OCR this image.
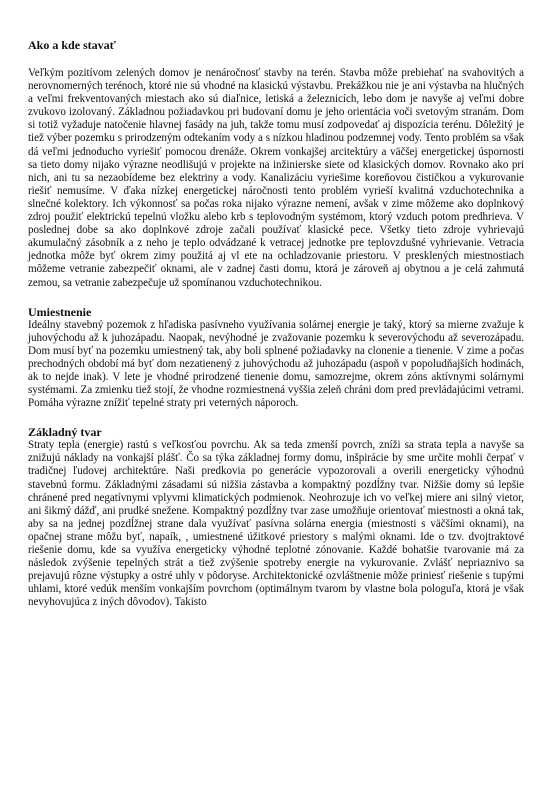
Ako a kde stavať

Veľkým pozitívom zelených domov je nenáročnosť stavby na terén. Stavba môže prebiehať na svahovitých a nerovnomerných terénoch, ktoré nie sú vhodné na klasickú výstavbu. Prekážkou nie je ani výstavba na hlučných a veľmi frekventovaných miestach ako sú diaľnice, letiská a železnicích, lebo dom je navyše aj veľmi dobre zvukovo izolovaný. Základnou požiadavkou pri budovaní domu je jeho orientácia voči svetovým stranám. Dom si totiž vyžaduje natočenie hlavnej fasády na juh, takže tomu musí zodpovedať aj dispozícia terénu. Dôležitý je tiež výber pozemku s prirodzeným odtekaním vody a s nízkou hladinou podzemnej vody. Tento problém sa však dá veľmi jednoducho vyriešiť pomocou drenáže. Okrem vonkajšej arcitektúry a väčšej energetickej úspornosti sa tieto domy nijako výrazne neodlišujú v projekte na inžinierske siete od klasických domov. Rovnako ako pri nich, ani tu sa nezaobídeme bez elektriny a vody. Kanalizáciu vyriešime koreňovou čističkou a vykurovanie riešiť nemusíme. V ďaka nízkej energetickej náročnosti tento problém vyrieší kvalitná vzduchotechnika a slnečné kolektory. Ich výkonnosť sa počas roka nijako výrazne nemení, avšak v zime môžeme ako doplnkový zdroj použiť elektrickú tepelnú vložku alebo krb s teplovodným systémom, ktorý vzduch potom predhrieva. V poslednej dobe sa ako doplnkové zdroje začali používať klasické pece. Všetky tieto zdroje vyhrievajú akumulačný zásobník a z neho je teplo odvádzané k vetracej jednotke pre teplovzdušné vyhrievanie. Vetracia jednotka môže byť okrem zimy použitá aj vl ete na ochladzovanie priestoru. V presklených miestnostiach môžeme vetranie zabezpečiť oknami, ale v zadnej časti domu, ktorá je zároveň aj obytnou a je celá zahmutá zemou, sa vetranie zabezpečuje už spomínanou vzduchotechnikou.

Umiestnenie

Ideálny stavebný pozemok z hľadiska pasívneho využívania solárnej energie je taký, ktorý sa mierne zvažuje k juhovýchodu až k juhozápadu. Naopak, nevýhodné je zvažovanie pozemku k severovýchodu až severozápadu. Dom musí byť na pozemku umiestnený tak, aby boli splnené požiadavky na clonenie a tienenie. V zime a počas prechodných období má byť dom nezatienený z juhovýchodu až juhozápadu (aspoň v popoludňajších hodinách, ak to nejde inak). V lete je vhodné prirodzené tienenie domu, samozrejme, okrem zóns aktívnymi solárnymi systémami. Za zmienku tiež stojí, že vhodne rozmiestnená vyššia zeleň chráni dom pred prevládajúcimi vetrami. Pomáha výrazne znížiť tepelné straty pri veterných náporoch.

Základný tvar

Straty tepla (energie) rastú s veľkosťou povrchu. Ak sa teda zmenší povrch, zníži sa strata tepla a navyše sa znižujú náklady na vonkajší plášť. Čo sa týka základnej formy domu, inšpirácie by sme určite mohli čerpať v tradičnej ľudovej architektúre. Naši predkovia po generácie vypozorovali a overili energeticky výhodnú stavebnú formu. Základnými zásadami sú nižšia zástavba a kompaktný pozdĺžny tvar. Nižšie domy sú lepšie chránené pred negatívnymi vplyvmi klimatických podmienok. Neohrozuje ich vo veľkej miere ani silný vietor, ani šikmý dážď, ani prudké snežene. Kompaktný pozdĺžny tvar zase umožňuje orientovať miestnosti a okná tak, aby sa na jednej pozdĺžnej strane dala využívať pasívna solárna energia (miestnosti s väčšími oknami), na opačnej strane môžu byť, napaík, , umiestnené úžitkové priestory s malými oknami. Ide o tzv. dvojtraktové riešenie domu, kde sa využíva energeticky výhodné teplotné zónovanie. Každé bohatšie tvarovanie má za následok zvýšenie tepelných strát a tiež zvýšenie spotreby energie na vykurovanie. Zvlášť nepriaznivo sa prejavujú rôzne výstupky a ostré uhly v pôdoryse. Architektonické ozvláštnenie môže priniesť riešenie s tupými uhlami, ktoré vedúk menším vonkajším povrchom (optimálnym tvarom by vlastne bola pologuľa, ktorá je však nevyhovujúca z iných dôvodov). Takisto
